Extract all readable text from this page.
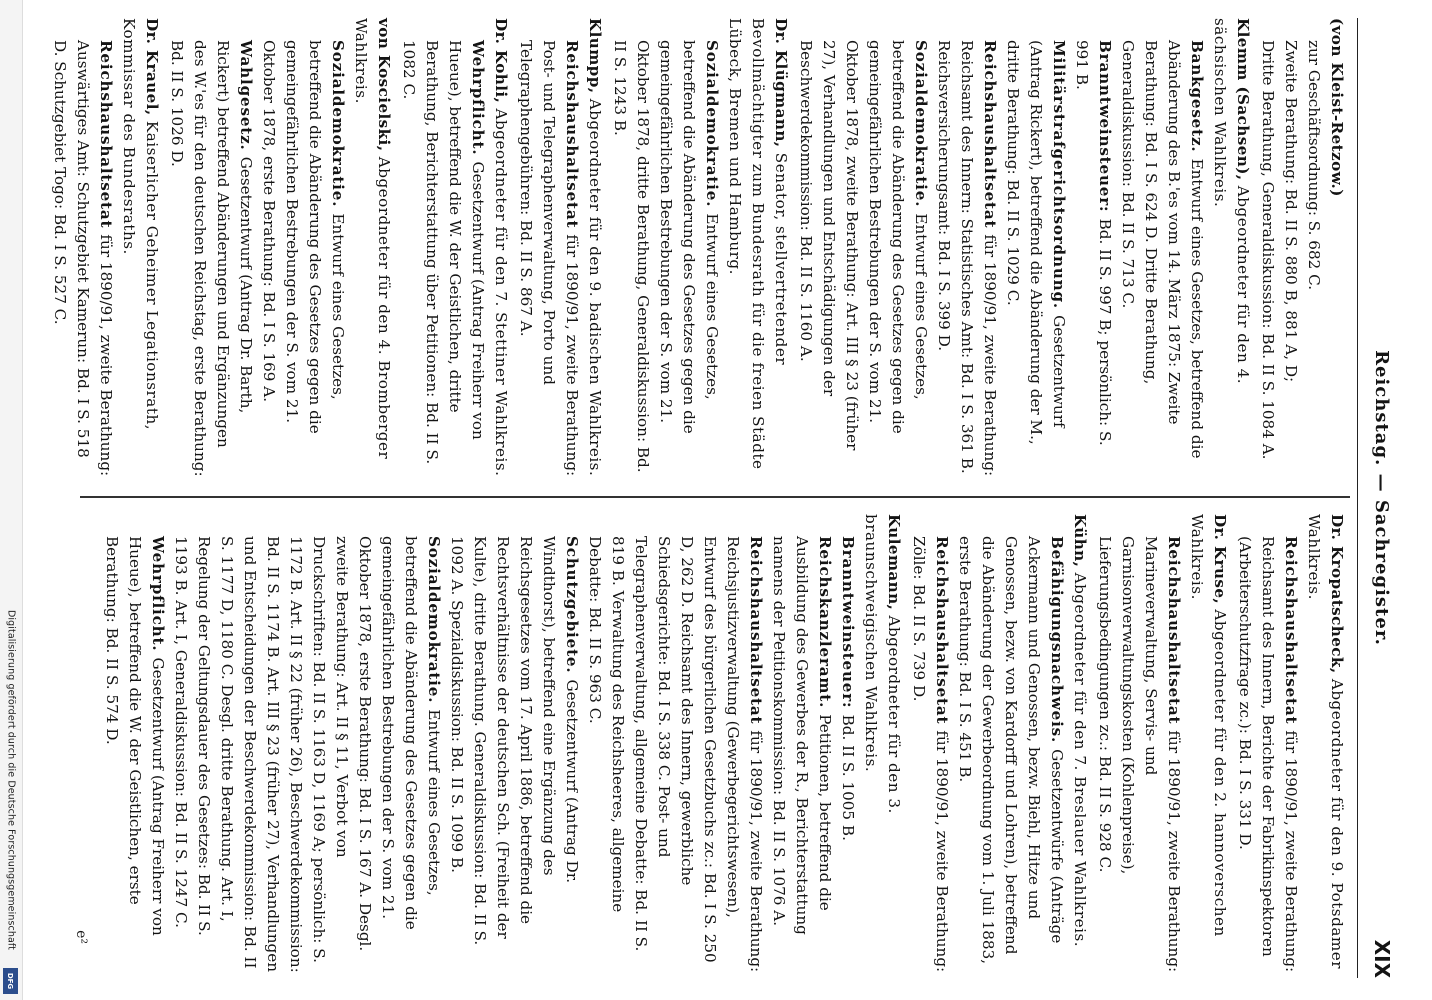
Digitalisierung gefördert durch die Deutsche Forschungsgemeinschaft
DFG
Reichstag. — Sachregister.
XIX
Dr. Kropatscheck, Abgeordneter für den 9. Potsdamer Wahlkreis.
Reichshaushaltsetat für 1890/91, zweite Berathung: Reichsamt des Innern, Berichte der Fabrikinspektoren (Arbeiterschutzfrage zc.): Bd. I S. 331 D.
Dr. Kruse, Abgeordneter für den 2. hannoverschen Wahlkreis.
Reichshaushaltsetat für 1890/91, zweite Berathung: Marineverwaltung, Servis- und Garnisonverwaltungskosten (Kohlenpreise), Lieferungsbedingungen zc.: Bd. II S. 928 C.
Kühn, Abgeordneter für den 7. Breslauer Wahlkreis.
Befähigungsnachweis. Gesetzentwürfe (Anträge Ackermann und Genossen, bezw. Biehl, Hitze und Genossen, bezw. von Kardorff und Lohren), betreffend die Abänderung der Gewerbeordnung vom 1. Juli 1883, erste Berathung: Bd. I S. 451 B.
Reichshaushaltsetat für 1890/91, zweite Berathung: Zölle: Bd. II S. 739 D.
Kulemann, Abgeordneter für den 3. braunschweigischen Wahlkreis.
Branntweinsteuer: Bd. II S. 1005 B.
Reichskanzleramt. Petitionen, betreffend die Ausbildung des Gewerbes der R., Berichterstattung namens der Petitionskommission: Bd. II S. 1076 A.
Reichshaushaltsetat für 1890/91, zweite Berathung: Reichsjustizverwaltung (Gewerbegerichtswesen), Entwurf des bürgerlichen Gesetzbuchs zc.: Bd. I S. 250 D, 262 D. Reichsamt des Innern, gewerbliche Schiedsgerichte: Bd. I S. 338 C. Post- und Telegraphenverwaltung, allgemeine Debatte: Bd. II S. 819 B. Verwaltung des Reichsheeres, allgemeine Debatte: Bd. II S. 963 C.
Schutzgebiete. Gesetzentwurf (Antrag Dr. Windthorst), betreffend eine Ergänzung des Reichsgesetzes vom 17. April 1886, betreffend die Rechtsverhältnisse der deutschen Sch. (Freiheit der Kulte), dritte Berathung. Generaldiskussion: Bd. II S. 1092 A. Spezialdiskussion: Bd. II S. 1099 B.
Sozialdemokratie. Entwurf eines Gesetzes, betreffend die Abänderung des Gesetzes gegen die gemeingefährlichen Bestrebungen der S. vom 21. Oktober 1878, erste Berathung: Bd. I S. 167 A. Desgl. zweite Berathung: Art. II § 11, Verbot von Druckschriften: Bd. II S. 1163 D, 1169 A; persönlich: S. 1172 B. Art. II § 22 (früher 26), Beschwerdekommission: Bd. II S. 1174 B. Art. III § 23 (früher 27), Verhandlungen und Entscheidungen der Beschwerdekommission: Bd. II S. 1177 D, 1180 C. Desgl. dritte Berathung. Art. I, Regelung der Geltungsdauer des Gesetzes: Bd. II S. 1193 B. Art. I, Generaldiskussion: Bd. II S. 1247 C.
Wehrpflicht. Gesetzentwurf (Antrag Freiherr von Hueue), betreffend die W. der Geistlichen, erste Berathung: Bd. II S. 574 D.
e²
(von Kleist-Retzow.)
zur Geschäftsordnung: S. 682 C.
Zweite Berathung: Bd. II S. 880 B, 881 A, D;
Dritte Berathung, Generaldiskussion: Bd. II S. 1084 A.
Klemm (Sachsen), Abgeordneter für den 4. sächsischen Wahlkreis.
Bankgesetz. Entwurf eines Gesetzes, betreffend die Abänderung des B.'es vom 14. März 1875: Zweite Berathung: Bd. I S. 624 D. Dritte Berathung, Generaldiskussion: Bd. II S. 713 C.
Branntweinsteuer: Bd. II S. 997 B; persönlich: S. 991 B.
Militärstrafgerichtsordnung. Gesetzentwurf (Antrag Rickert), betreffend die Abänderung der M., dritte Berathung: Bd. II S. 1029 C.
Reichshaushaltsetat für 1890/91, zweite Berathung: Reichsamt des Innern: Statistisches Amt: Bd. I S. 361 B. Reichsversicherungsamt: Bd. I S. 399 D.
Sozialdemokratie. Entwurf eines Gesetzes, betreffend die Abänderung des Gesetzes gegen die gemeingefährlichen Bestrebungen der S. vom 21. Oktober 1878, zweite Berathung: Art. III § 23 (früher 27), Verhandlungen und Entschädigungen der Beschwerdekommission: Bd. II S. 1160 A.
Dr. Klügmann, Senator, stellvertretender Bevollmächtigter zum Bundesrath für die freien Städte Lübeck, Bremen und Hamburg.
Sozialdemokratie. Entwurf eines Gesetzes, betreffend die Abänderung des Gesetzes gegen die gemeingefährlichen Bestrebungen der S. vom 21. Oktober 1878, dritte Berathung, Generaldiskussion: Bd. II S. 1243 B.
Klumpp, Abgeordneter für den 9. badischen Wahlkreis.
Reichshaushaltsetat für 1890/91, zweite Berathung: Post- und Telegraphenverwaltung, Porto und Telegraphengebühren: Bd. II S. 867 A.
Dr. Kohli, Abgeordneter für den 7. Stettiner Wahlkreis.
Wehrpflicht. Gesetzentwurf (Antrag Freiherr von Hueue), betreffend die W. der Geistlichen, dritte Berathung, Berichterstattung über Petitionen: Bd. II S. 1082 C.
von Koscielski, Abgeordneter für den 4. Bromberger Wahlkreis.
Sozialdemokratie. Entwurf eines Gesetzes, betreffend die Abänderung des Gesetzes gegen die gemeingefährlichen Bestrebungen der S. vom 21. Oktober 1878, erste Berathung: Bd. I S. 169 A.
Wahlgesetz. Gesetzentwurf (Antrag Dr. Barth, Rickert) betreffend Abänderungen und Ergänzungen des W.'es für den deutschen Reichstag, erste Berathung: Bd. II S. 1026 D.
Dr. Krauel, Kaiserlicher Geheimer Legationsrath, Kommissar des Bundesraths.
Reichshaushaltsetat für 1890/91, zweite Berathung: Auswärtiges Amt: Schutzgebiet Kamerun: Bd. I S. 518 D. Schutzgebiet Togo: Bd. I S. 527 C.
